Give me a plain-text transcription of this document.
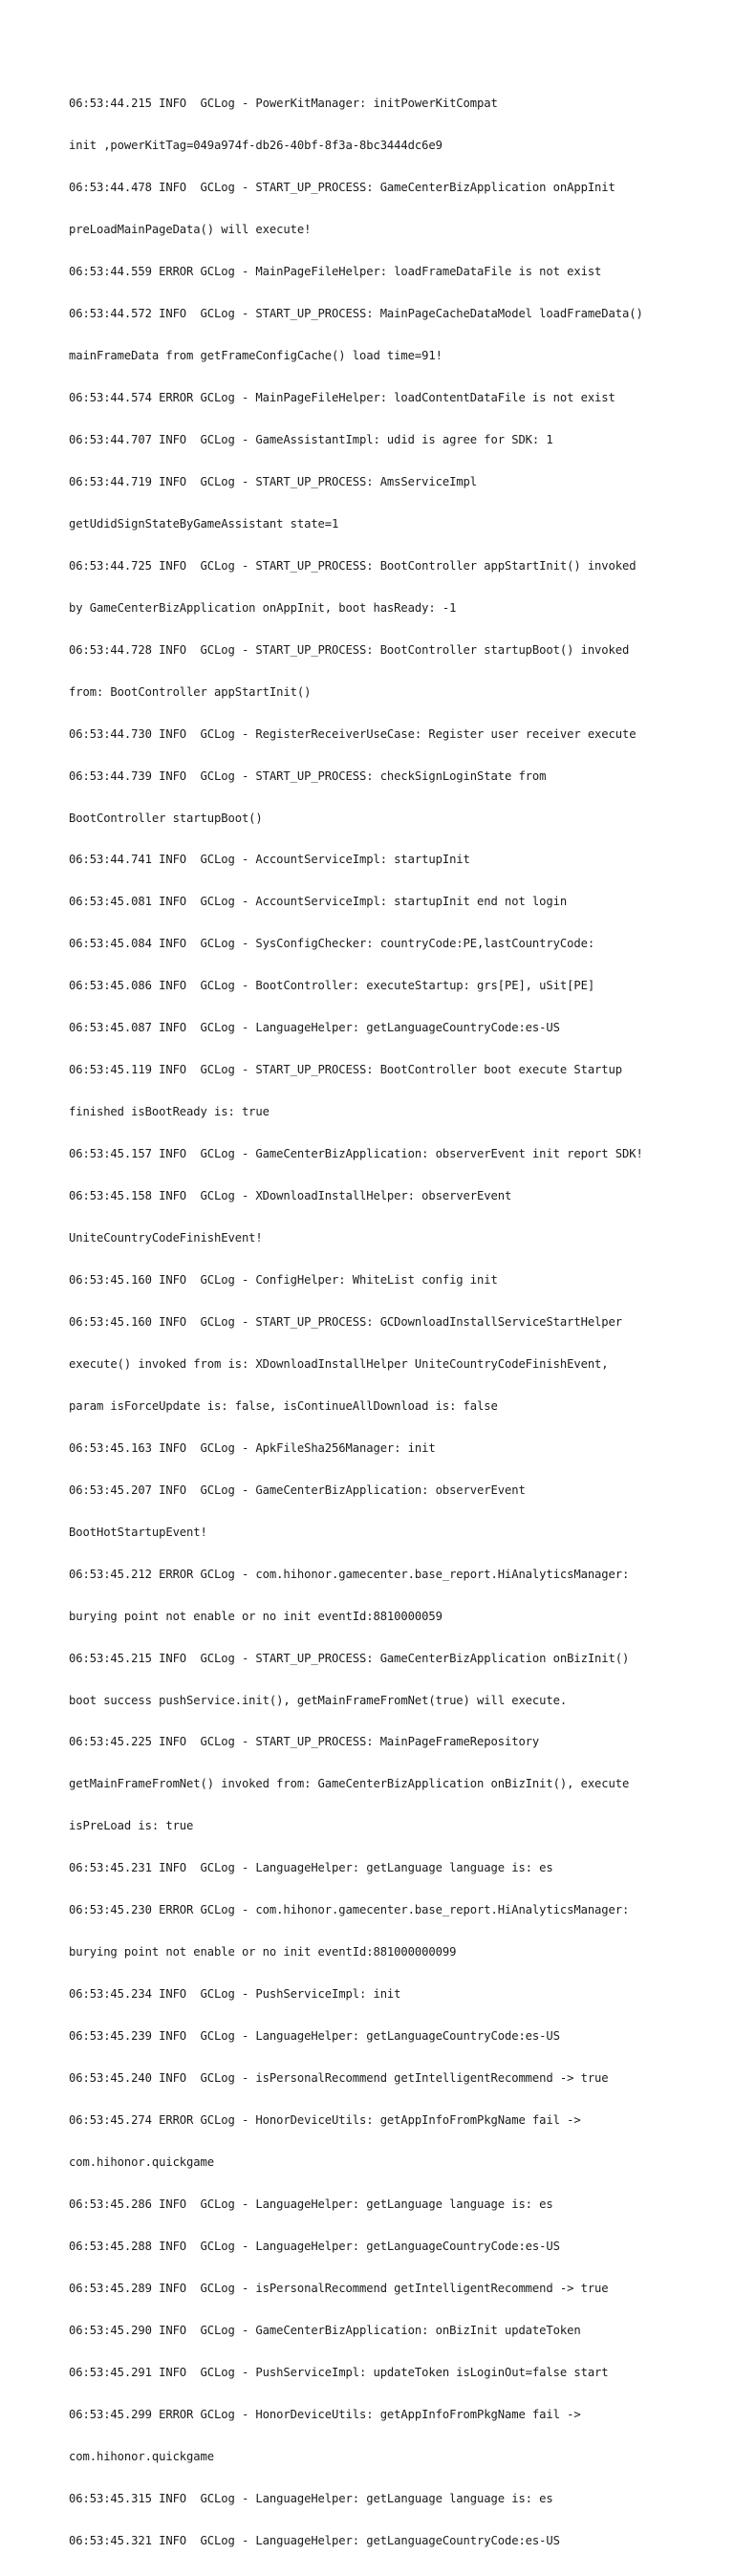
06:53:44.215 INFO  GCLog - PowerKitManager: initPowerKitCompat

init ,powerKitTag=049a974f-db26-40bf-8f3a-8bc3444dc6e9

06:53:44.478 INFO  GCLog - START_UP_PROCESS: GameCenterBizApplication onAppInit

preLoadMainPageData() will execute!

06:53:44.559 ERROR GCLog - MainPageFileHelper: loadFrameDataFile is not exist

06:53:44.572 INFO  GCLog - START_UP_PROCESS: MainPageCacheDataModel loadFrameData()

mainFrameData from getFrameConfigCache() load time=91!

06:53:44.574 ERROR GCLog - MainPageFileHelper: loadContentDataFile is not exist

06:53:44.707 INFO  GCLog - GameAssistantImpl: udid is agree for SDK: 1

06:53:44.719 INFO  GCLog - START_UP_PROCESS: AmsServiceImpl

getUdidSignStateByGameAssistant state=1

06:53:44.725 INFO  GCLog - START_UP_PROCESS: BootController appStartInit() invoked

by GameCenterBizApplication onAppInit, boot hasReady: -1

06:53:44.728 INFO  GCLog - START_UP_PROCESS: BootController startupBoot() invoked

from: BootController appStartInit()

06:53:44.730 INFO  GCLog - RegisterReceiverUseCase: Register user receiver execute

06:53:44.739 INFO  GCLog - START_UP_PROCESS: checkSignLoginState from

BootController startupBoot()

06:53:44.741 INFO  GCLog - AccountServiceImpl: startupInit

06:53:45.081 INFO  GCLog - AccountServiceImpl: startupInit end not login

06:53:45.084 INFO  GCLog - SysConfigChecker: countryCode:PE,lastCountryCode:

06:53:45.086 INFO  GCLog - BootController: executeStartup: grs[PE], uSit[PE]

06:53:45.087 INFO  GCLog - LanguageHelper: getLanguageCountryCode:es-US

06:53:45.119 INFO  GCLog - START_UP_PROCESS: BootController boot execute Startup

finished isBootReady is: true

06:53:45.157 INFO  GCLog - GameCenterBizApplication: observerEvent init report SDK!

06:53:45.158 INFO  GCLog - XDownloadInstallHelper: observerEvent

UniteCountryCodeFinishEvent!

06:53:45.160 INFO  GCLog - ConfigHelper: WhiteList config init

06:53:45.160 INFO  GCLog - START_UP_PROCESS: GCDownloadInstallServiceStartHelper

execute() invoked from is: XDownloadInstallHelper UniteCountryCodeFinishEvent,

param isForceUpdate is: false, isContinueAllDownload is: false

06:53:45.163 INFO  GCLog - ApkFileSha256Manager: init

06:53:45.207 INFO  GCLog - GameCenterBizApplication: observerEvent

BootHotStartupEvent!

06:53:45.212 ERROR GCLog - com.hihonor.gamecenter.base_report.HiAnalyticsManager:

burying point not enable or no init eventId:8810000059

06:53:45.215 INFO  GCLog - START_UP_PROCESS: GameCenterBizApplication onBizInit()

boot success pushService.init(), getMainFrameFromNet(true) will execute.

06:53:45.225 INFO  GCLog - START_UP_PROCESS: MainPageFrameRepository

getMainFrameFromNet() invoked from: GameCenterBizApplication onBizInit(), execute

isPreLoad is: true

06:53:45.231 INFO  GCLog - LanguageHelper: getLanguage language is: es

06:53:45.230 ERROR GCLog - com.hihonor.gamecenter.base_report.HiAnalyticsManager:

burying point not enable or no init eventId:881000000099

06:53:45.234 INFO  GCLog - PushServiceImpl: init

06:53:45.239 INFO  GCLog - LanguageHelper: getLanguageCountryCode:es-US

06:53:45.240 INFO  GCLog - isPersonalRecommend getIntelligentRecommend -> true

06:53:45.274 ERROR GCLog - HonorDeviceUtils: getAppInfoFromPkgName fail ->

com.hihonor.quickgame

06:53:45.286 INFO  GCLog - LanguageHelper: getLanguage language is: es

06:53:45.288 INFO  GCLog - LanguageHelper: getLanguageCountryCode:es-US

06:53:45.289 INFO  GCLog - isPersonalRecommend getIntelligentRecommend -> true

06:53:45.290 INFO  GCLog - GameCenterBizApplication: onBizInit updateToken

06:53:45.291 INFO  GCLog - PushServiceImpl: updateToken isLoginOut=false start

06:53:45.299 ERROR GCLog - HonorDeviceUtils: getAppInfoFromPkgName fail ->

com.hihonor.quickgame

06:53:45.315 INFO  GCLog - LanguageHelper: getLanguage language is: es

06:53:45.321 INFO  GCLog - LanguageHelper: getLanguageCountryCode:es-US
